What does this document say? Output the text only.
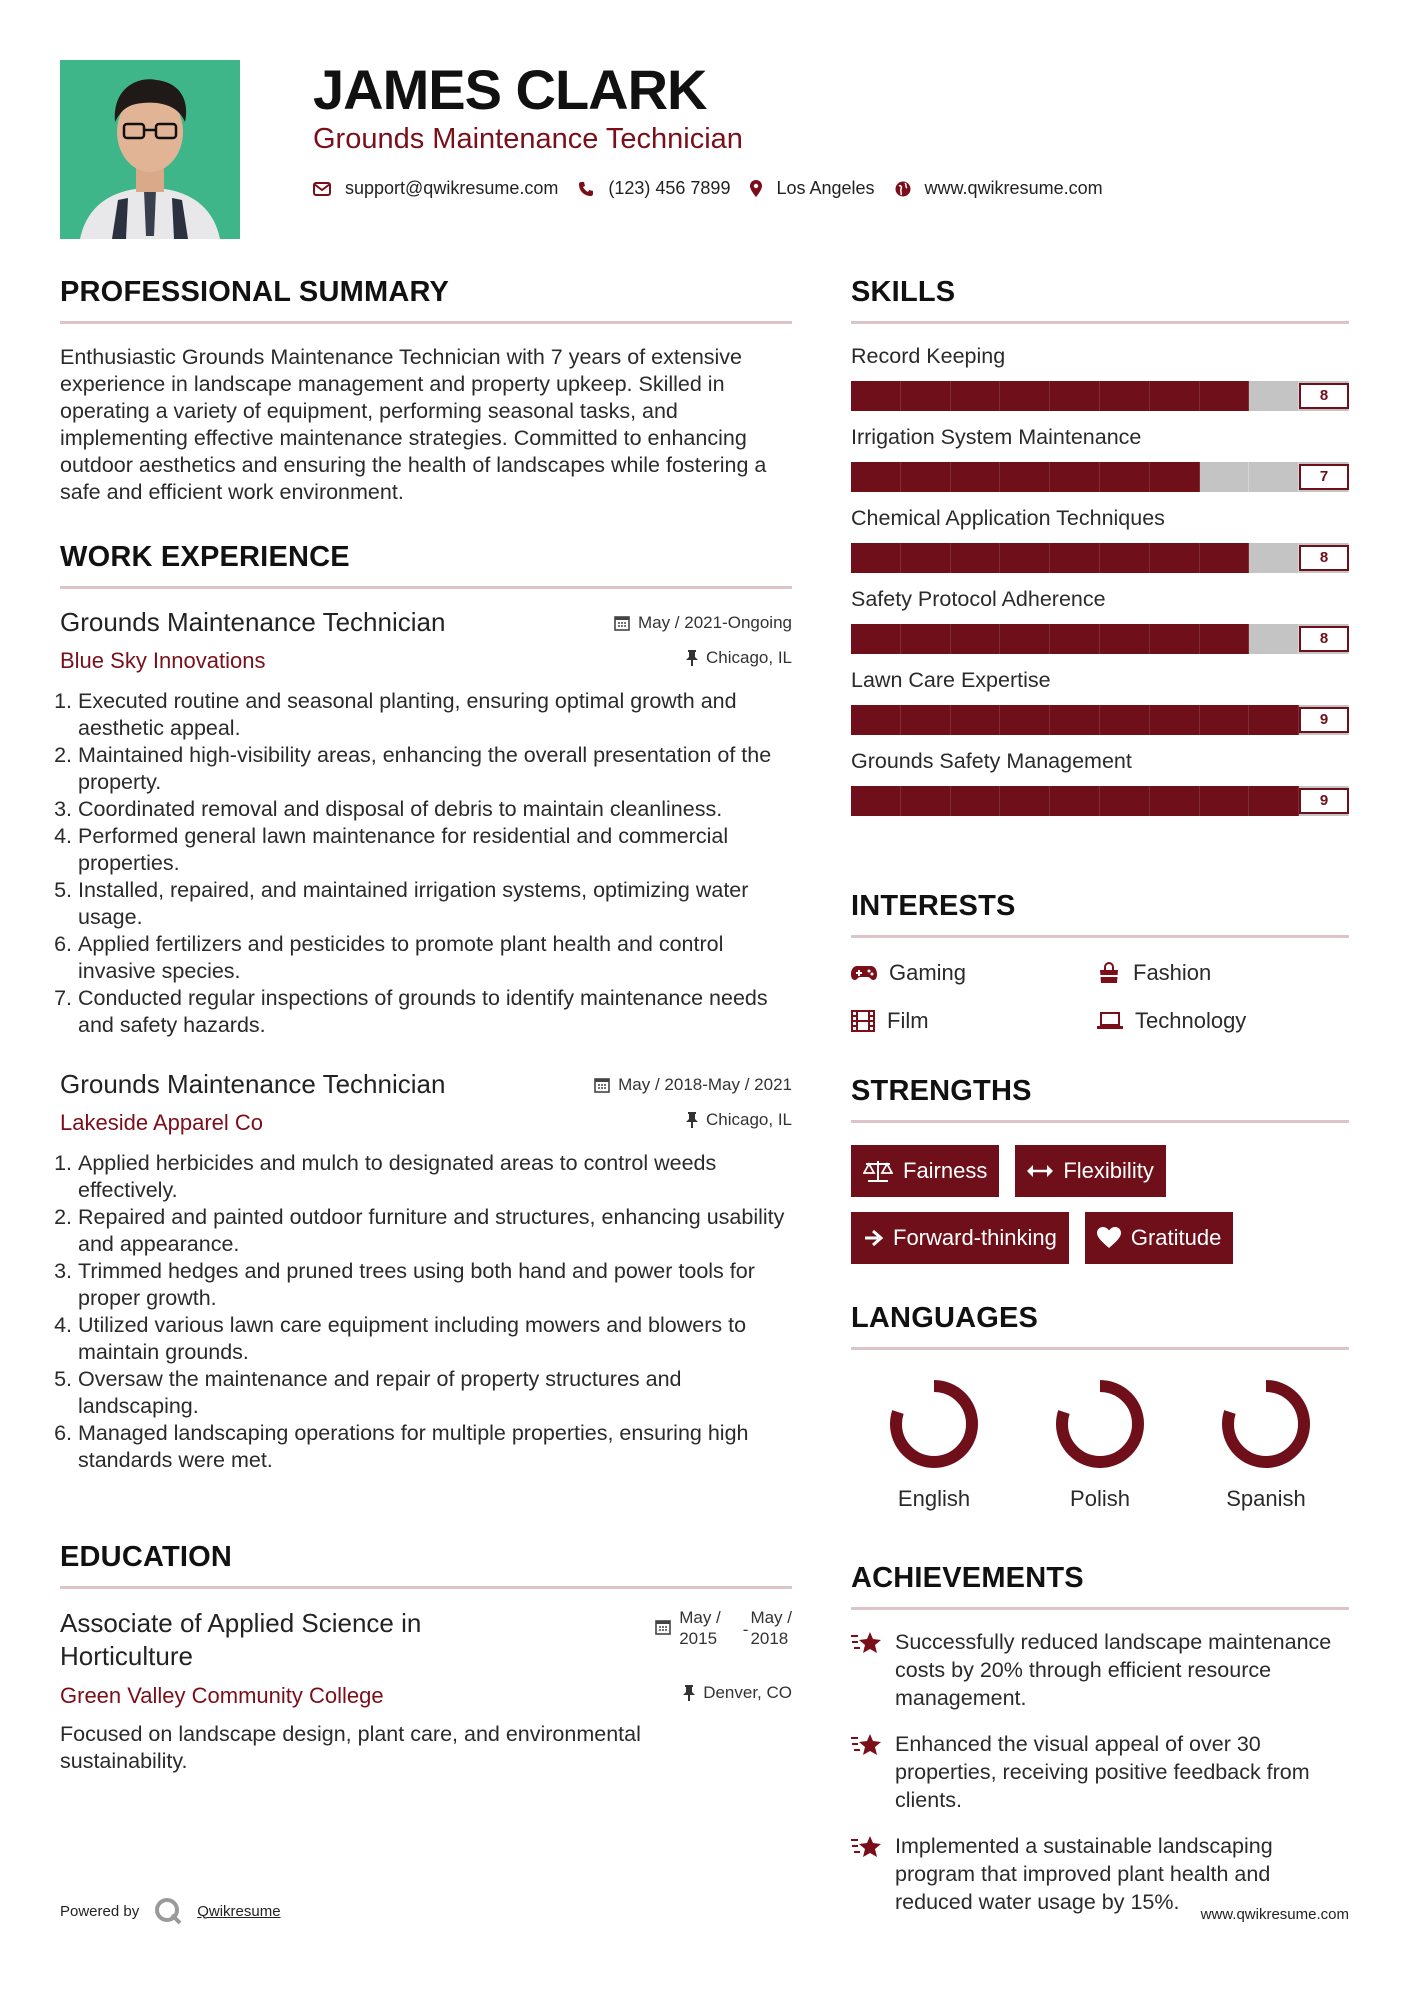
JAMES CLARK
Grounds Maintenance Technician
support@qwikresume.com	(123) 456 7899	Los Angeles	www.qwikresume.com
PROFESSIONAL SUMMARY
Enthusiastic Grounds Maintenance Technician with 7 years of extensive experience in landscape management and property upkeep. Skilled in operating a variety of equipment, performing seasonal tasks, and implementing effective maintenance strategies. Committed to enhancing outdoor aesthetics and ensuring the health of landscapes while fostering a safe and efficient work environment.
WORK EXPERIENCE
Grounds Maintenance Technician	May / 2021-Ongoing
Blue Sky Innovations	Chicago, IL
1. Executed routine and seasonal planting, ensuring optimal growth and aesthetic appeal.
2. Maintained high-visibility areas, enhancing the overall presentation of the property.
3. Coordinated removal and disposal of debris to maintain cleanliness.
4. Performed general lawn maintenance for residential and commercial properties.
5. Installed, repaired, and maintained irrigation systems, optimizing water usage.
6. Applied fertilizers and pesticides to promote plant health and control invasive species.
7. Conducted regular inspections of grounds to identify maintenance needs and safety hazards.
Grounds Maintenance Technician	May / 2018-May / 2021
Lakeside Apparel Co	Chicago, IL
1. Applied herbicides and mulch to designated areas to control weeds effectively.
2. Repaired and painted outdoor furniture and structures, enhancing usability and appearance.
3. Trimmed hedges and pruned trees using both hand and power tools for proper growth.
4. Utilized various lawn care equipment including mowers and blowers to maintain grounds.
5. Oversaw the maintenance and repair of property structures and landscaping.
6. Managed landscaping operations for multiple properties, ensuring high standards were met.
EDUCATION
Associate of Applied Science in
Horticulture
May /
2015 -
May /
2018
Green Valley Community College	Denver, CO
Focused on landscape design, plant care, and environmental sustainability.
SKILLS
Record Keeping
8
Irrigation System Maintenance
7
Chemical Application Techniques
8
Safety Protocol Adherence
8
Lawn Care Expertise
9
Grounds Safety Management
9
INTERESTS
Gaming	Fashion
Film	Technology
STRENGTHS
Fairness	Flexibility
Forward-thinking	Gratitude
LANGUAGES
English	Polish	Spanish
ACHIEVEMENTS
Successfully reduced landscape maintenance costs by 20% through efficient resource management.
Enhanced the visual appeal of over 30 properties, receiving positive feedback from clients.
Implemented a sustainable landscaping program that improved plant health and reduced water usage by 15%.
Powered by	Qwikresume	www.qwikresume.com
